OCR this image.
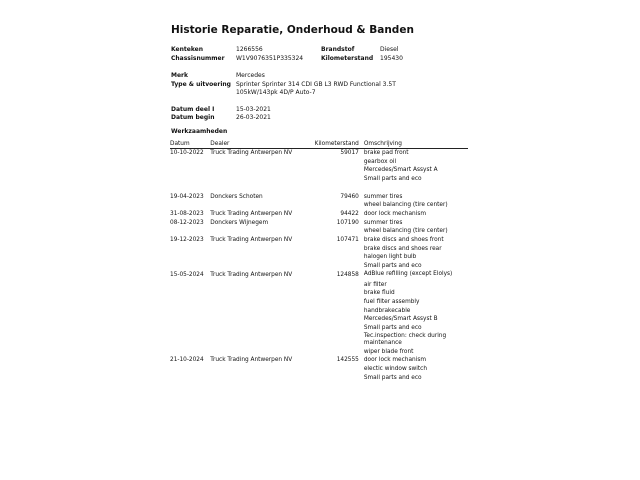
Historie Reparatie, Onderhoud & Banden
Kenteken	1266556	Brandstof	Diesel
Chassisnummer W1V9076351P335324	Kilometerstand 195430
Merk	Mercedes
Type & uitvoering Sprinter Sprinter 314 CDI GB L3 RWD Functional 3.5T 105kW/143pk 4D/P Auto-7
Datum deel I	15-03-2021
Datum begin	26-03-2021
Werkzaamheden
Datum	Dealer	Kilometerstand	Omschrijving
10-10-2022	Truck Trading Antwerpen NV	59017	brake pad front
			gearbox oil
			Mercedes/Smart Assyst A
			Small parts and eco

19-04-2023	Donckers Schoten	79460	summer tires
			wheel balancing (tire center)
31-08-2023	Truck Trading Antwerpen NV	94422	door lock mechanism
08-12-2023	Donckers Wijnegem	107190	summer tires
			wheel balancing (tire center)
19-12-2023	Truck Trading Antwerpen NV	107471	brake discs and shoes front
			brake discs and shoes rear
			halogen light bulb
			Small parts and eco
15-05-2024	Truck Trading Antwerpen NV	124858	AdBlue refilling (except Elolys)
			air filter
			brake fluid
			fuel filter assembly
			handbrakecable
			Mercedes/Smart Assyst B
			Small parts and eco
			Tec.inspection: check during maintenance
			wiper blade front
21-10-2024	Truck Trading Antwerpen NV	142555	door lock mechanism
			electic window switch
			Small parts and eco
